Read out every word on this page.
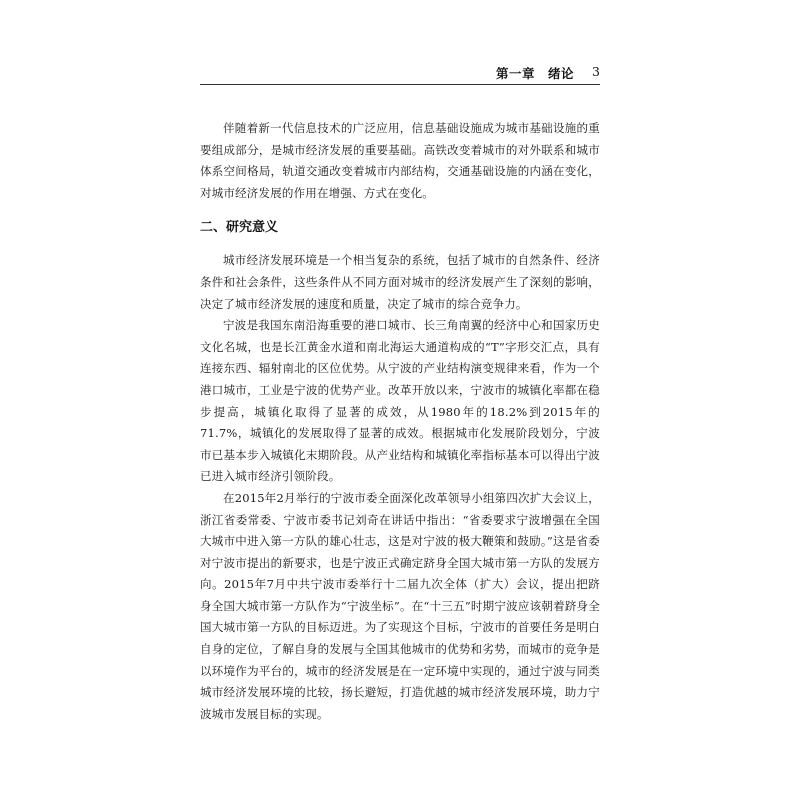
第一章　绪论 3

伴随着新一代信息技术的广泛应用，信息基础设施成为城市基础设施的重要组成部分，是城市经济发展的重要基础。高铁改变着城市的对外联系和城市体系空间格局，轨道交通改变着城市内部结构，交通基础设施的内涵在变化，对城市经济发展的作用在增强、方式在变化。

二、研究意义

城市经济发展环境是一个相当复杂的系统，包括了城市的自然条件、经济条件和社会条件，这些条件从不同方面对城市的经济发展产生了深刻的影响，决定了城市经济发展的速度和质量，决定了城市的综合竞争力。

宁波是我国东南沿海重要的港口城市、长三角南翼的经济中心和国家历史文化名城，也是长江黄金水道和南北海运大通道构成的“T”字形交汇点，具有连接东西、辐射南北的区位优势。从宁波的产业结构演变规律来看，作为一个港口城市，工业是宁波的优势产业。改革开放以来，宁波市的城镇化率都在稳步提高，城镇化取得了显著的成效，从1980年的18.2%到2015年的71.7%，城镇化的发展取得了显著的成效。根据城市化发展阶段划分，宁波市已基本步入城镇化末期阶段。从产业结构和城镇化率指标基本可以得出宁波已进入城市经济引领阶段。

在2015年2月举行的宁波市委全面深化改革领导小组第四次扩大会议上，浙江省委常委、宁波市委书记刘奇在讲话中指出：“省委要求宁波增强在全国大城市中进入第一方队的雄心壮志，这是对宁波的极大鞭策和鼓励。”这是省委对宁波市提出的新要求，也是宁波正式确定跻身全国大城市第一方队的发展方向。2015年7月中共宁波市委举行十二届九次全体（扩大）会议，提出把跻身全国大城市第一方队作为“宁波坐标”。在“十三五”时期宁波应该朝着跻身全国大城市第一方队的目标迈进。为了实现这个目标，宁波市的首要任务是明白自身的定位，了解自身的发展与全国其他城市的优势和劣势，而城市的竞争是以环境作为平台的，城市的经济发展是在一定环境中实现的，通过宁波与同类城市经济发展环境的比较，扬长避短，打造优越的城市经济发展环境，助力宁波城市发展目标的实现。
